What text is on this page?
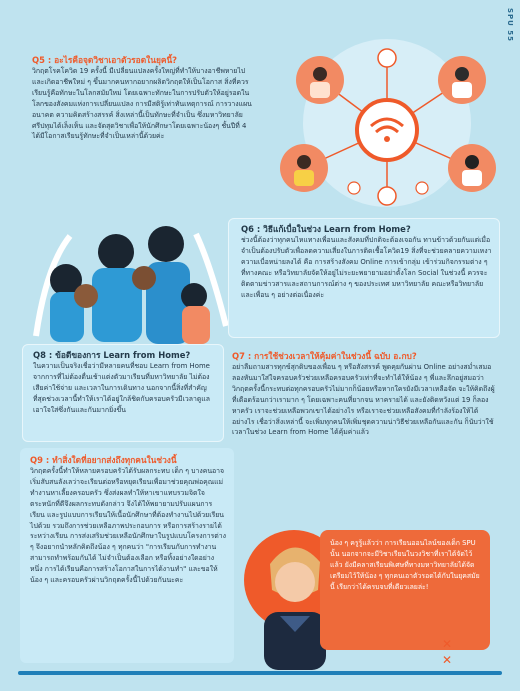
SPU 55
Q5 : อะไรคือจุดวิชาเอาตัวรอดในยุคนี้?
วิกฤตโรคโควิด 19 ครั้งนี้ มีเปลี่ยนแปลงครั้งใหญ่ที่ทำให้บางอาชีพหายไป และเกิดอาชีพใหม่ ๆ ขึ้นมากคนหากอยากผลิตวิกฤตให้เป็นโอกาส สิ่งที่ควรเรียนรู้คือทักษะในโลกสมัยใหม่ โดยเฉพาะทักษะในการปรับตัวให้อยู่รอดในโลกของสังคมแห่งการเปลี่ยนแปลง การมีสติรู้เท่าทันเหตุการณ์ การวางแผนอนาคต ความคิดสร้างสรรค์ สิ่งเหล่านี้เป็นทักษะที่จำเป็น ซึ่งมหาวิทยาลัยศรีปทุมได้เล็งเห็น และจัดสุดวิชาเพื่อให้นักศึกษาโดยเฉพาะน้องๆ ชั้นปีที่ 4 ได้มีโอกาสเรียนรู้ทักษะที่จำเป็นเหล่านี้ด้วยค่ะ
Q6 : วิธีแก้เบื่อในช่วง Learn from Home?
ช่วงนี้ต้องว่าทุกคนไหแทางเพื่อนและสังคมที่ปกติจะต้องเจอกัน ทานข้าวด้วยกันแต่เมื่อจำเป็นต้องปรับตัวเพื่อลดความเสี่ยงในการติดเชื้อโควิด19 สิ่งที่จะช่วยคลายความเหงา ความเบื่อหน่ายลงได้ คือ การสร้างสังคม Online การเข้ากลุ่ม เข้าร่วมกิจกรรมต่าง ๆ ที่ทางคณะ หรือวิทยาลัยจัดให้อยู่ไม่ระยะพยายามอย่าตั้งโลก Social ในช่วงนี้ ควรจะติดตามข่าวสารและสถานการณ์ต่าง ๆ ของประเทศ มหาวิทยาลัย คณะหรือวิทยาลัยและเพื่อน ๆ อย่างต่อเนื่องค่ะ
Q8 : ข้อดีของการ Learn from Home?
ในความเป็นจริงเชื่อว่ามีหลายคนที่ชอบ Learn from Home จากการที่ไม่ต้องตื่นเช้าแต่งตัวมาเรียนที่มหาวิทยาลัย ไม่ต้องเสียค่าใช้จ่าย และเวลาในการเดินทาง นอกจากนี้สิ่งที่สำคัญที่สุดช่วงเวลานี้ทำให้เราได้อยู่ใกล้ชิดกับครอบครัวมีเวลาดูแลเอาใจใส่ซึ่งกันและกันมากยิ่งขึ้น
Q7 : การใช้ช่วงเวลาให้คุ้มค่าในช่วงนี้ ฉบับ อ.กบ?
อย่าลืมถามสารทุกข์สุกดิบของเพื่อน ๆ หรือสังสรรค์ พูดคุยกันผ่าน Online อย่างสม่ำเสมอ ลองหันมาใส่ใจครอบครัวช่วยเหลือครอบครัวเท่าที่จะทำได้ให้น้อง ๆ พี่และลึกอยู่สมอว่าวิกฤตครั้งนี้กระทบต่อทุกครอบครัวไม่มากก็น้อยหรือหากใครยังมีเวลาเหลือจัด จะให้คิดถึงผู้ที่เดือดร้อนกว่าเรามาก ๆ โดยเฉพาะคนที่ยากจน หาครายได้ และยังติดหวังแต่ 19 ก็ลองหาครัว เราจะช่วยเหลือพวกเขาได้อย่างไร หรือเราจะช่วยเหลือสังคมที่กำลังร้องให้ได้อย่างไร เชื่อว่าสิ่งเหล่านี้ จะเพิ่มทุกคนให้เพิ่มชุดความน่าวิธีช่วยเหลือกันและกัน ก็นับว่าใช้เวลาในช่วง Learn from Home ได้คุ้มค่าแล้ว
Q9 : ทำสิ่งใดที่อยากส่งถึงทุกคนในช่วงนี้
วิกฤตครั้งนี้ทำให้หลายครอบครัวได้รับผลกระทบ เด็ก ๆ บางคนอาจเริ่มสับสนลังเลว่าจะเรียนต่อหรือหยุดเรียนเพื่อมาช่วยคุณพ่อคุณแม่ทำงานหาเลี้ยงครอบครัว ซึ่งส่งผลทำให้หาเขาแทบรวมจิตใจ ตระหนักที่ดีจึงผลกระทบดังกล่าว จึงได้ให้พยายามปรับแผนการเรียน และรูปแบบการเรียนให้เนื้อนักศึกษาที่ต้องทำงานไปด้วยเรียนไปด้วย รวมถึงการช่วยเหลือภาพประกอบการ หรือการสร้างรายได้ระหว่างเรียน การส่งเสริมช่วยเหลือนักศึกษาในรูปแบบโครงการต่าง ๆ จึงอยากนำหลักคิดถึงน้อง ๆ ทุกคนว่า "การเรียนกับการทำงานสามารถทำพร้อมกันได้ ไม่จำเป็นต้องเลือก หรือทิ้งอย่างใดอย่างหนึ่ง การได้เรียนคือการสร้างโอกาสในการได้งานทำ" และขอให้น้อง ๆ และครอบครัวผ่านวิกฤตครั้งนี้ไปด้วยกันนะคะ
น้อง ๆ ครูรู้แล้วว่า การเรียนออนไลน์ของเด็ก SPU นั้น นอกจากจะมีวิชาเรียนในวงวิชาที่เราได้จัดไว้แล้ว ยังมีคลาสเรียนพิเศษที่ทางมหาวิทยาลัยได้จัดเตรียมไว้ให้น้อง ๆ ทุกคนเอาตัวรอดได้กับในยุคสมัยนี้ เรียกว่าได้ครบจบที่เดียวเลยล่ะ!
✕
✕
